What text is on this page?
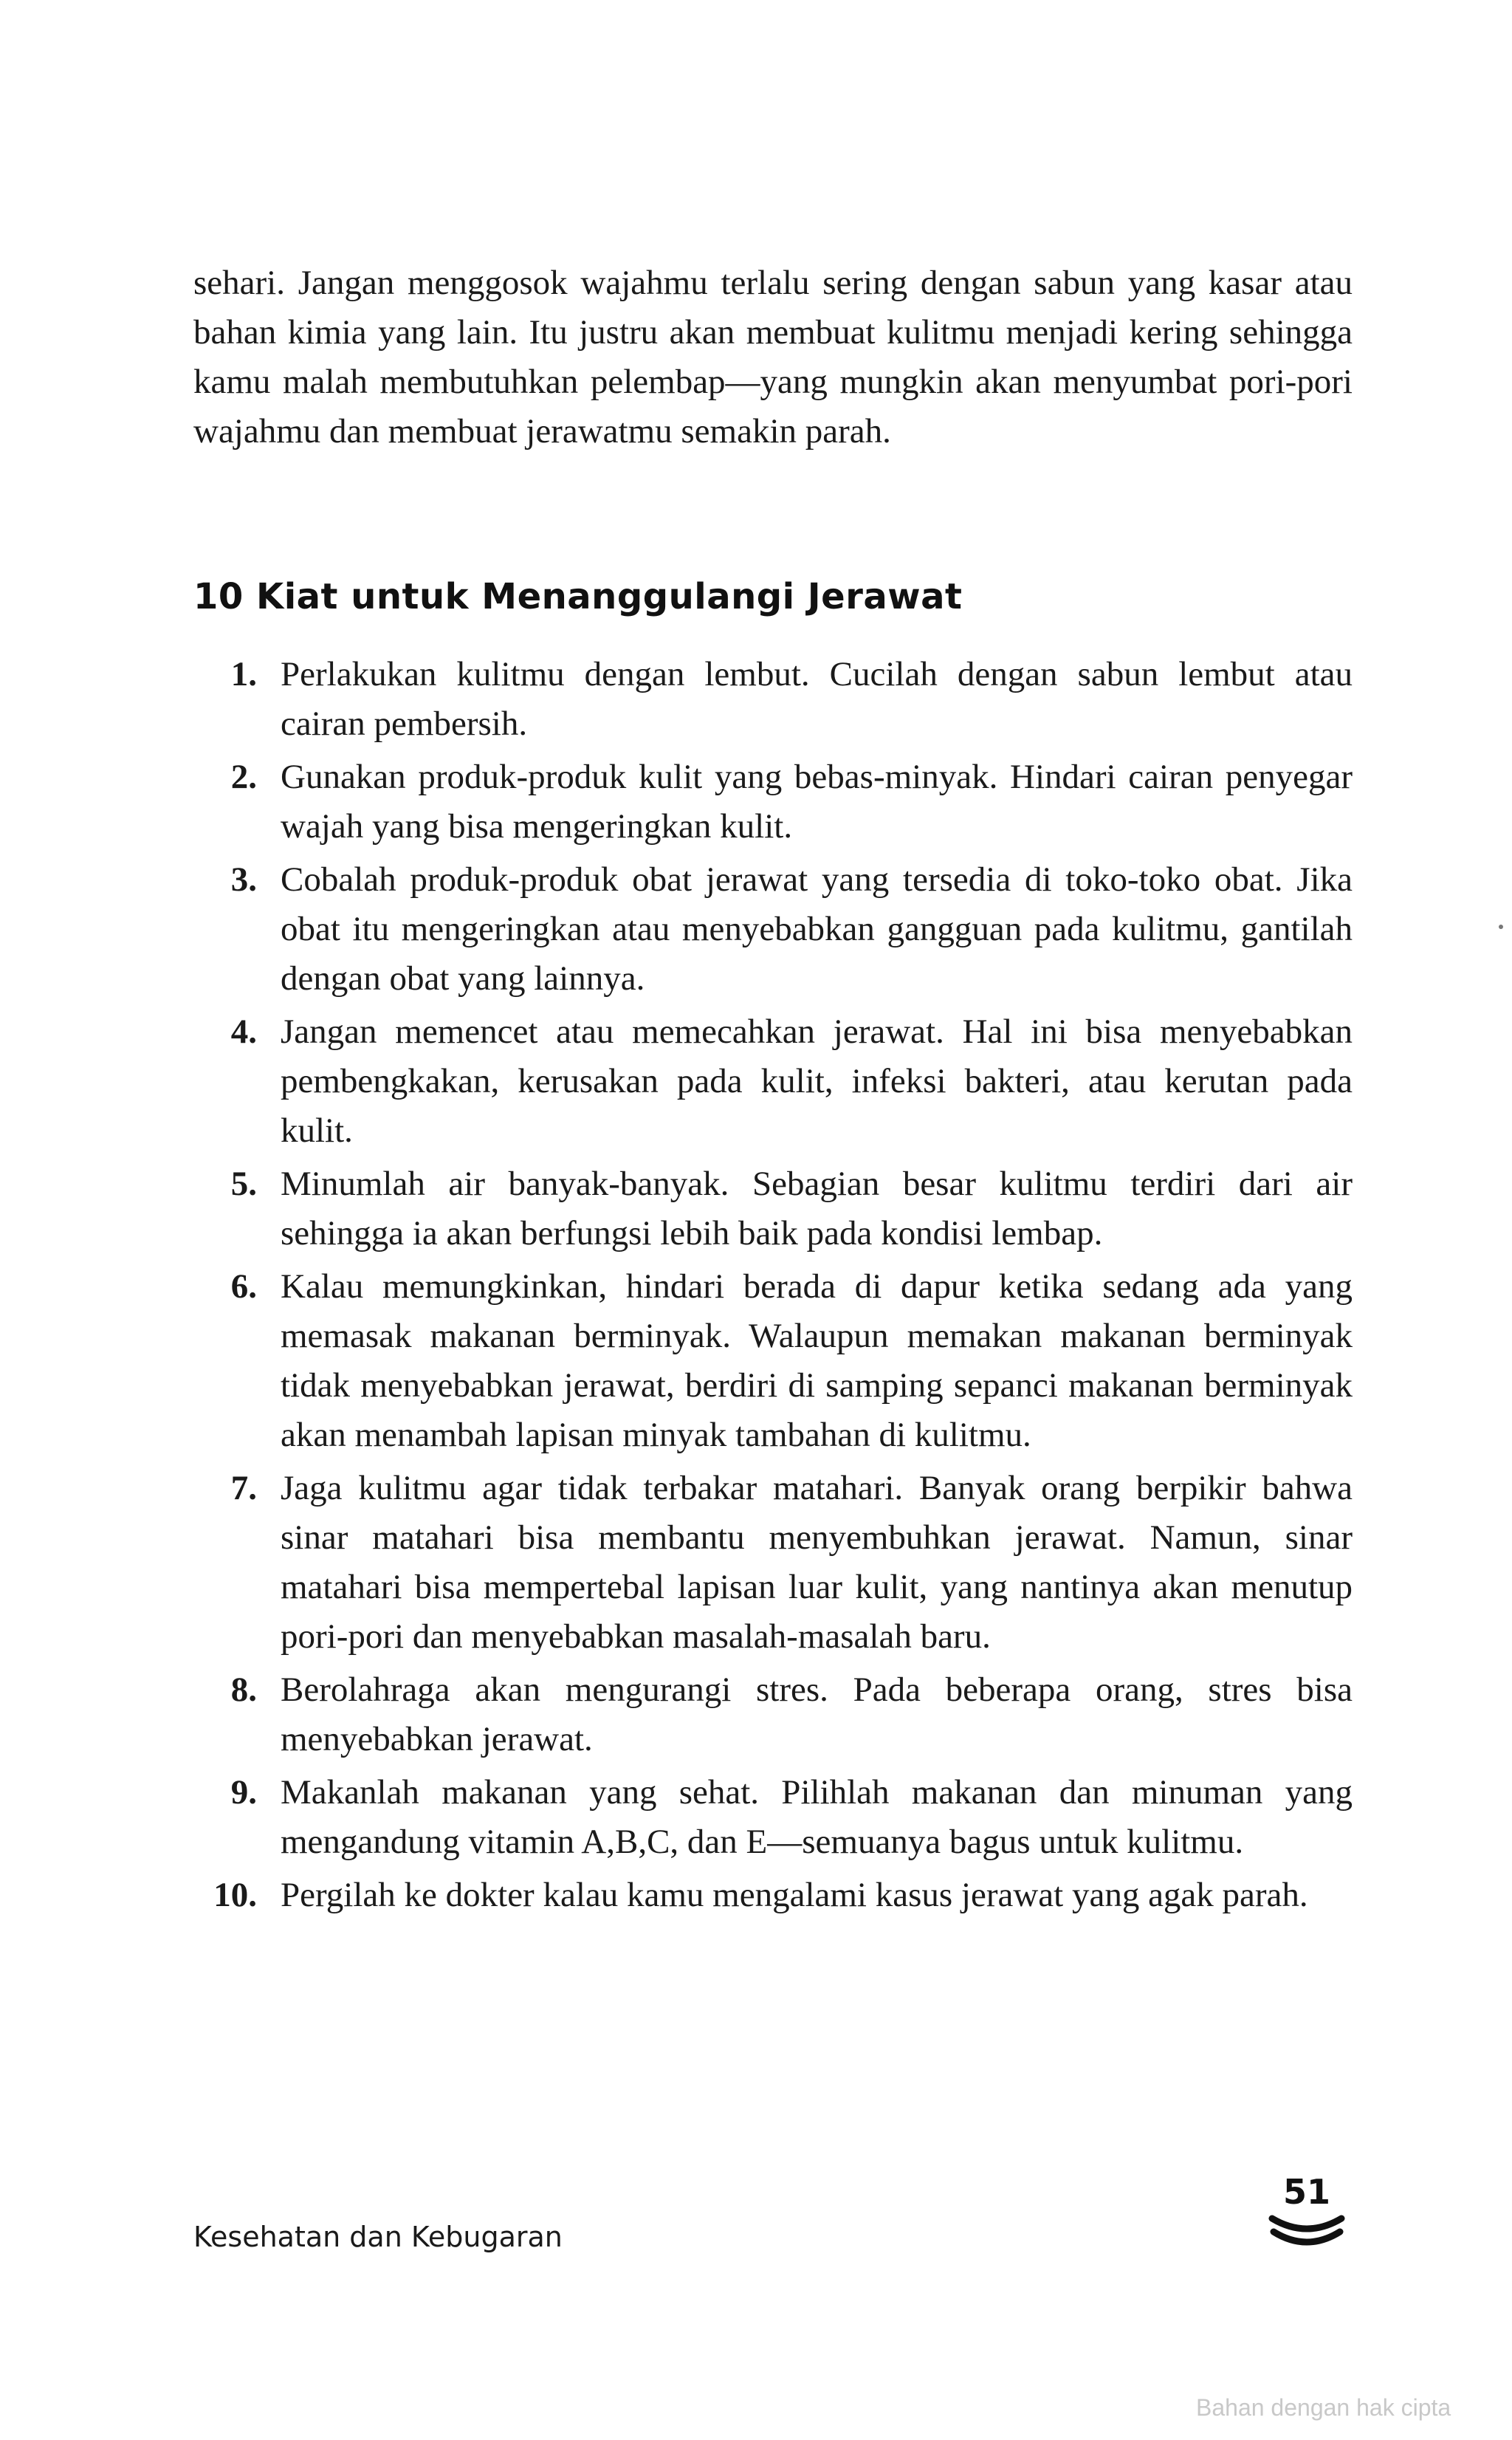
sehari. Jangan menggosok wajahmu terlalu sering dengan sabun yang kasar atau bahan kimia yang lain. Itu justru akan membuat kulitmu menjadi kering sehingga kamu malah membutuhkan pelembap—yang mungkin akan menyumbat pori-pori wajahmu dan membuat jerawatmu semakin parah.

10 Kiat untuk Menanggulangi Jerawat
1. Perlakukan kulitmu dengan lembut. Cucilah dengan sabun lembut atau cairan pembersih.
2. Gunakan produk-produk kulit yang bebas-minyak. Hindari cairan penyegar wajah yang bisa mengeringkan kulit.
3. Cobalah produk-produk obat jerawat yang tersedia di toko-toko obat. Jika obat itu mengeringkan atau menyebabkan gangguan pada kulitmu, gantilah dengan obat yang lainnya.
4. Jangan memencet atau memecahkan jerawat. Hal ini bisa menyebabkan pembengkakan, kerusakan pada kulit, infeksi bakteri, atau kerutan pada kulit.
5. Minumlah air banyak-banyak. Sebagian besar kulitmu terdiri dari air sehingga ia akan berfungsi lebih baik pada kondisi lembap.
6. Kalau memungkinkan, hindari berada di dapur ketika sedang ada yang memasak makanan berminyak. Walaupun memakan makanan berminyak tidak menyebabkan jerawat, berdiri di samping sepanci makanan berminyak akan menambah lapisan minyak tambahan di kulitmu.
7. Jaga kulitmu agar tidak terbakar matahari. Banyak orang berpikir bahwa sinar matahari bisa membantu menyembuhkan jerawat. Namun, sinar matahari bisa mempertebal lapisan luar kulit, yang nantinya akan menutup pori-pori dan menyebabkan masalah-masalah baru.
8. Berolahraga akan mengurangi stres. Pada beberapa orang, stres bisa menyebabkan jerawat.
9. Makanlah makanan yang sehat. Pilihlah makanan dan minuman yang mengandung vitamin A,B,C, dan E—semuanya bagus untuk kulitmu.
10. Pergilah ke dokter kalau kamu mengalami kasus jerawat yang agak parah.

Kesehatan dan Kebugaran

51

Bahan dengan hak cipta
